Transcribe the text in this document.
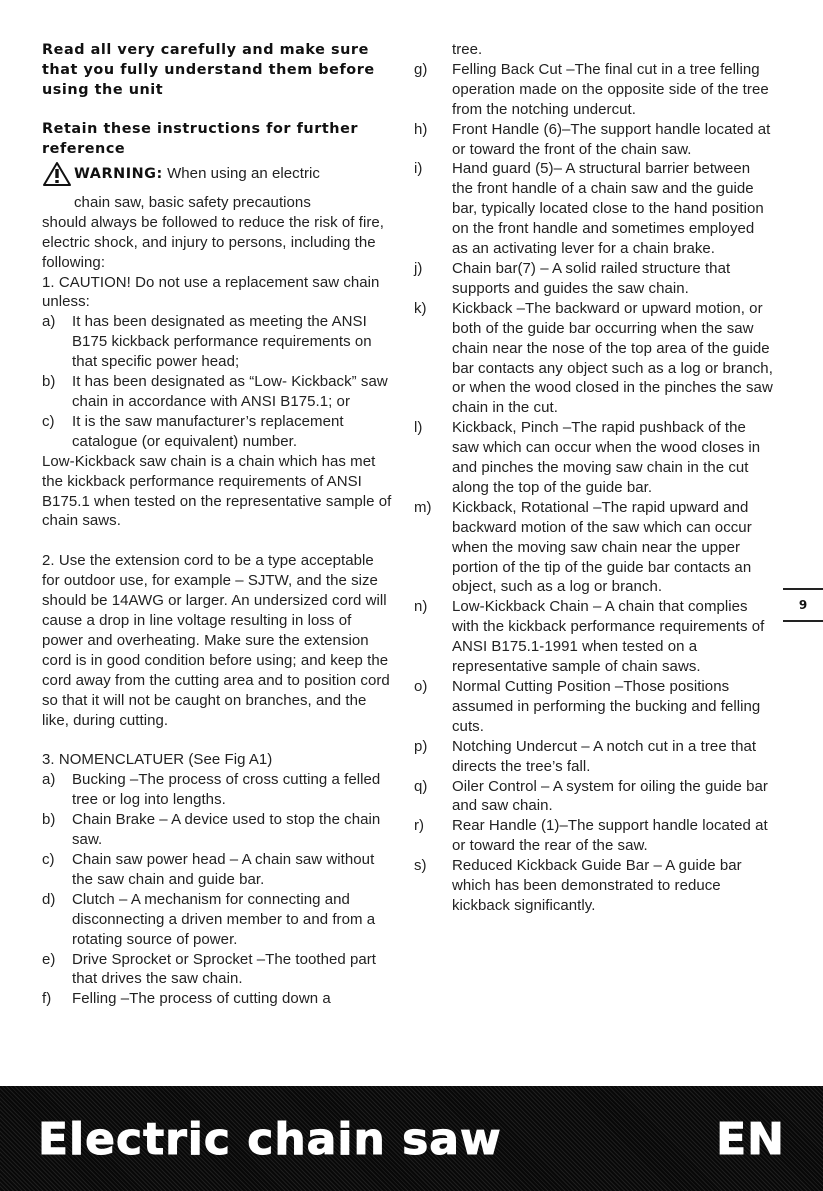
Read all very carefully and make sure that you fully understand them before using the unit
Retain these instructions for further reference
WARNING: When using an electric
chain saw, basic safety precautions
should always be followed to reduce the risk of fire, electric shock, and injury to persons, including the following:
1. CAUTION! Do not use a replacement saw chain unless:
a)	It has been designated as meeting the ANSI B175 kickback performance requirements on that specific power head;
b)	It has been designated as “Low- Kickback” saw chain in accordance with ANSI B175.1; or
c)	It is the saw manufacturer’s replacement catalogue (or equivalent) number.
Low-Kickback saw chain is a chain which has met the kickback performance requirements of ANSI B175.1 when tested on the representative sample of chain saws.
2. Use the extension cord to be a type acceptable for outdoor use, for example – SJTW, and the size should be 14AWG or larger. An undersized cord will cause a drop in line voltage resulting in loss of power and overheating. Make sure the extension cord is in good condition before using; and keep the cord away from the cutting area and to position cord so that it will not be caught on branches, and the like, during cutting.
3. NOMENCLATUER (See Fig A1)
a)	Bucking –The process of cross cutting a felled tree or log into lengths.
b)	Chain Brake – A device used to stop the chain saw.
c)	Chain saw power head – A chain saw without the saw chain and guide bar.
d)	Clutch – A mechanism for connecting and disconnecting a driven member to and from a rotating source of power.
e)	Drive Sprocket or Sprocket –The toothed part that drives the saw chain.
f)	Felling –The process of cutting down a
tree.
g)	Felling Back Cut –The final cut in a tree felling operation made on the opposite side of the tree from the notching undercut.
h)	Front Handle (6)–The support handle located at or toward the front of the chain saw.
i)	Hand guard (5)– A structural barrier between the front handle of a chain saw and the guide bar, typically located close to the hand position on the front handle and sometimes employed as an activating lever for a chain brake.
j)	Chain bar(7) – A solid railed structure that supports and guides the saw chain.
k)	Kickback –The backward or upward motion, or both of the guide bar occurring when the saw chain near the nose of the top area of the guide bar contacts any object such as a log or branch, or when the wood closed in the pinches the saw chain in the cut.
l)	Kickback, Pinch –The rapid pushback of the saw which can occur when the wood closes in and pinches the moving saw chain in the cut along the top of the guide bar.
m)	Kickback, Rotational –The rapid upward and backward motion of the saw which can occur when the moving saw chain near the upper portion of the tip of the guide bar contacts an object, such as a log or branch.
n)	Low-Kickback Chain – A chain that complies with the kickback performance requirements of ANSI B175.1-1991 when tested on a representative sample of chain saws.
o)	Normal Cutting Position –Those positions assumed in performing the bucking and felling cuts.
p)	Notching Undercut – A notch cut in a tree that directs the tree’s fall.
q)	Oiler Control – A system for oiling the guide bar and saw chain.
r)	Rear Handle (1)–The support handle located at or toward the rear of the saw.
s)	Reduced Kickback Guide Bar – A guide bar which has been demonstrated to reduce kickback significantly.
9
Electric chain saw	EN
